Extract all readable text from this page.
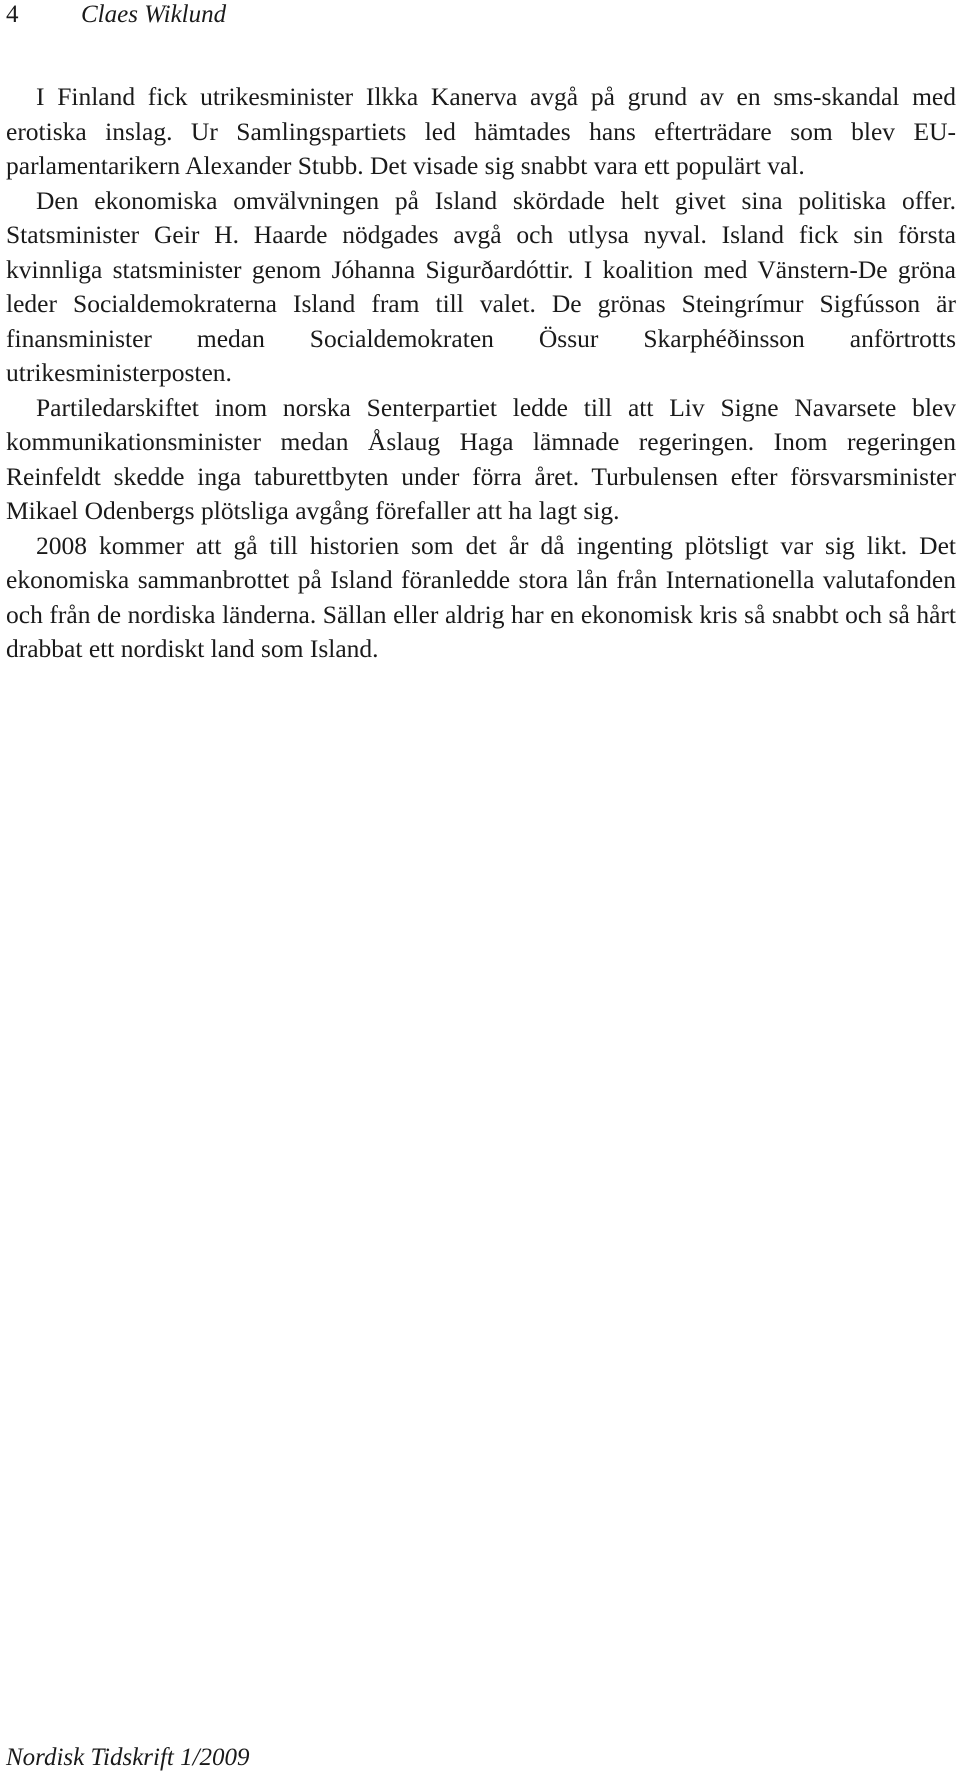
4	Claes Wiklund

I Finland fick utrikesminister Ilkka Kanerva avgå på grund av en sms-skandal med erotiska inslag. Ur Samlingspartiets led hämtades hans efterträdare som blev EU-parlamentarikern Alexander Stubb. Det visade sig snabbt vara ett populärt val.

Den ekonomiska omvälvningen på Island skördade helt givet sina politiska offer. Statsminister Geir H. Haarde nödgades avgå och utlysa nyval. Island fick sin första kvinnliga statsminister genom Jóhanna Sigurðardóttir. I koalition med Vänstern-De gröna leder Socialdemokraterna Island fram till valet. De grönas Steingrímur Sigfússon är finansminister medan Socialdemokraten Össur Skarphéðinsson anförtrotts utrikesministerposten.

Partiledarskiftet inom norska Senterpartiet ledde till att Liv Signe Navarsete blev kommunikationsminister medan Åslaug Haga lämnade regeringen. Inom regeringen Reinfeldt skedde inga taburettbyten under förra året. Turbulensen efter försvarsminister Mikael Odenbergs plötsliga avgång förefaller att ha lagt sig.

2008 kommer att gå till historien som det år då ingenting plötsligt var sig likt. Det ekonomiska sammanbrottet på Island föranledde stora lån från Internationella valutafonden och från de nordiska länderna. Sällan eller aldrig har en ekonomisk kris så snabbt och så hårt drabbat ett nordiskt land som Island.

Nordisk Tidskrift 1/2009
